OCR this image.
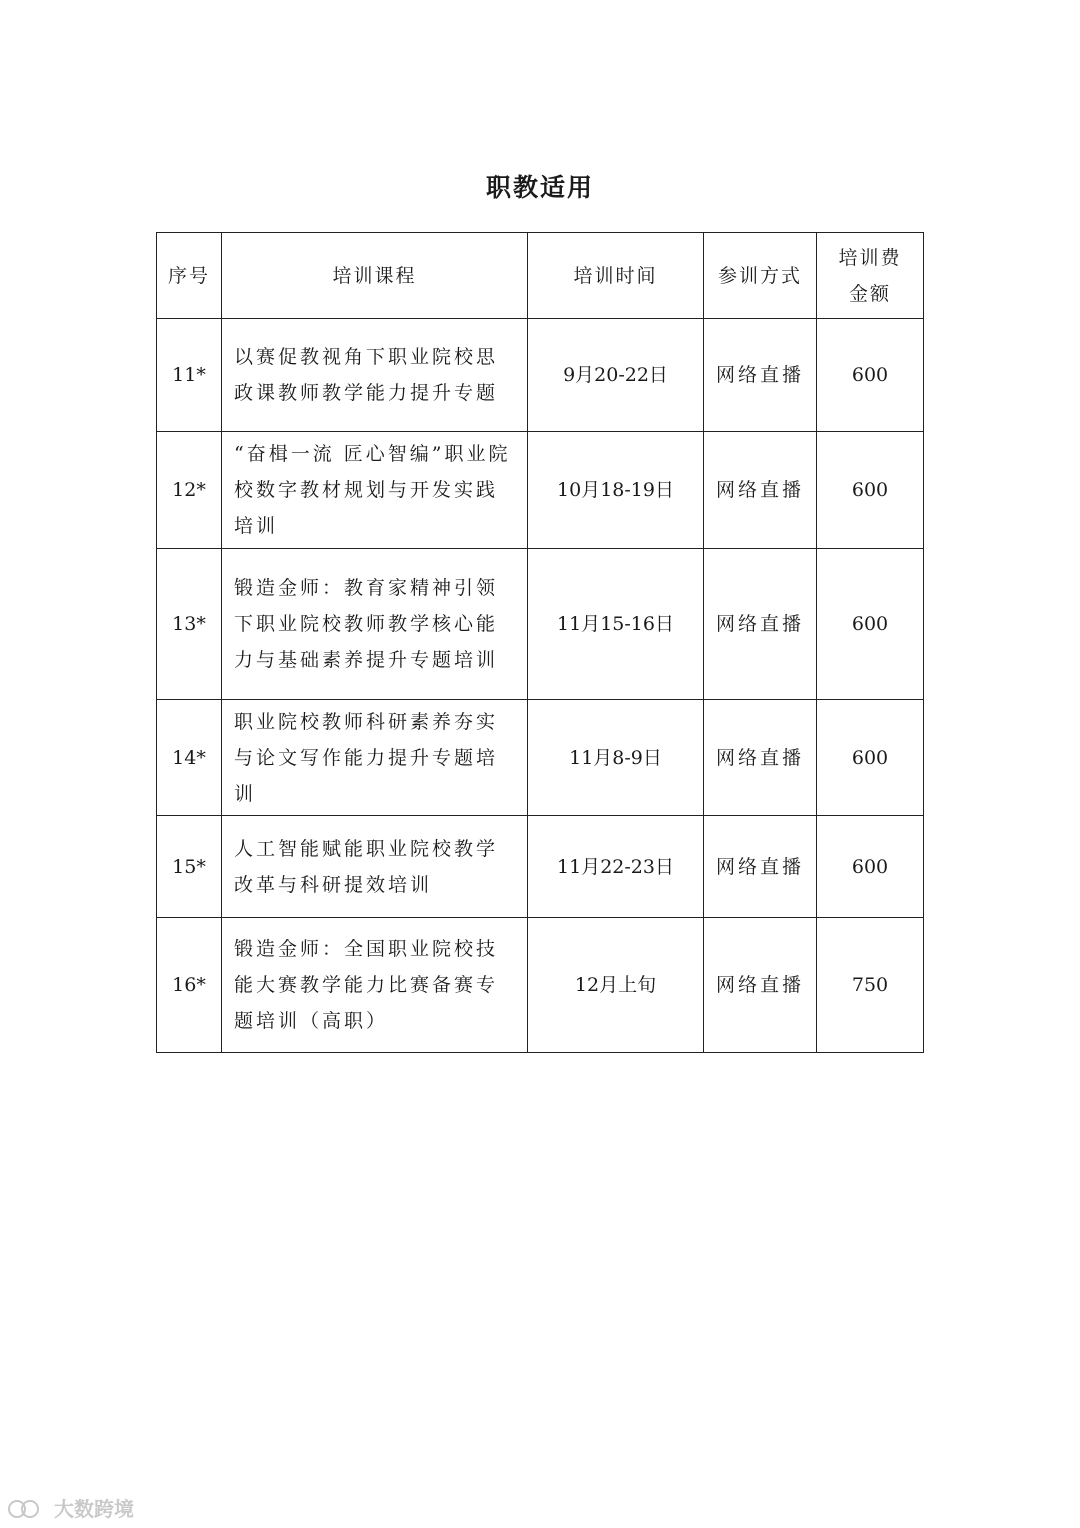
职教适用
序号	培训课程	培训时间	参训方式	培训费
金额

11*	以赛促教视角下职业院校思政课教师教学能力提升专题	9月20-22日	网络直播	600
12*	“奋楫一流 匠心智编”职业院校数字教材规划与开发实践培训	10月18-19日	网络直播	600
13*	锻造金师：教育家精神引领下职业院校教师教学核心能力与基础素养提升专题培训	11月15-16日	网络直播	600
14*	职业院校教师科研素养夯实与论文写作能力提升专题培训	11月8-9日	网络直播	600
15*	人工智能赋能职业院校教学改革与科研提效培训	11月22-23日	网络直播	600
16*	锻造金师：全国职业院校技能大赛教学能力比赛备赛专题培训（高职）	12月上旬	网络直播	750
大数跨境
